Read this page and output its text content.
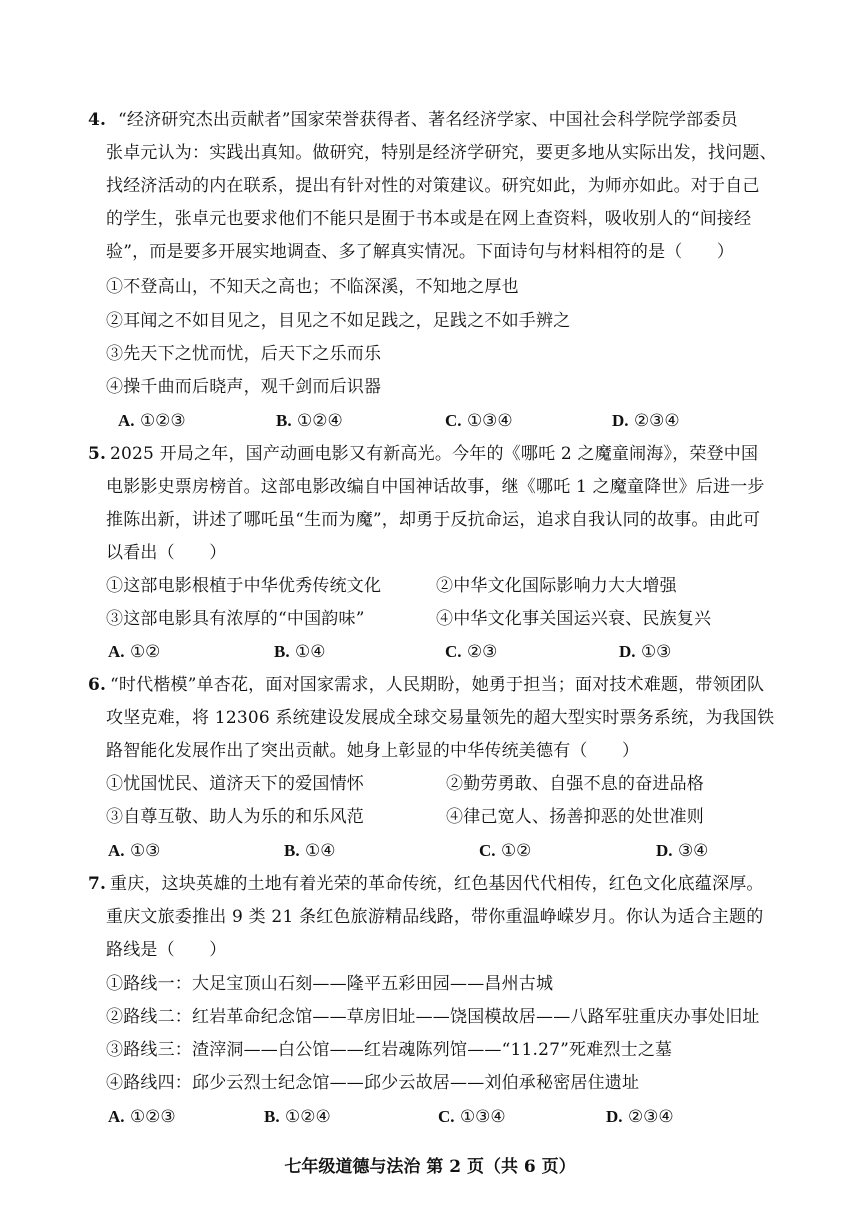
4. “经济研究杰出贡献者”国家荣誉获得者、著名经济学家、中国社会科学院学部委员
张卓元认为：实践出真知。做研究，特别是经济学研究，要更多地从实际出发，找问题、
找经济活动的内在联系，提出有针对性的对策建议。研究如此，为师亦如此。对于自己
的学生，张卓元也要求他们不能只是囿于书本或是在网上查资料，吸收别人的“间接经
验”，而是要多开展实地调查、多了解真实情况。下面诗句与材料相符的是（　　）
①不登高山，不知天之高也；不临深溪，不知地之厚也
②耳闻之不如目见之，目见之不如足践之，足践之不如手辨之
③先天下之忧而忧，后天下之乐而乐
④操千曲而后晓声，观千剑而后识器
A. ①②③	B. ①②④	C. ①③④	D. ②③④
5. 2025 开局之年，国产动画电影又有新高光。今年的《哪吒 2 之魔童闹海》，荣登中国
电影影史票房榜首。这部电影改编自中国神话故事，继《哪吒 1 之魔童降世》后进一步
推陈出新，讲述了哪吒虽“生而为魔”，却勇于反抗命运，追求自我认同的故事。由此可
以看出（　　）
①这部电影根植于中华优秀传统文化	②中华文化国际影响力大大增强
③这部电影具有浓厚的“中国韵味”	④中华文化事关国运兴衰、民族复兴
A. ①②	B. ①④	C. ②③	D. ①③
6. “时代楷模”单杏花，面对国家需求，人民期盼，她勇于担当；面对技术难题，带领团队
攻坚克难，将 12306 系统建设发展成全球交易量领先的超大型实时票务系统，为我国铁
路智能化发展作出了突出贡献。她身上彰显的中华传统美德有（　　）
①忧国忧民、道济天下的爱国情怀	②勤劳勇敢、自强不息的奋进品格
③自尊互敬、助人为乐的和乐风范	④律己宽人、扬善抑恶的处世准则
A. ①③	B. ①④	C. ①②	D. ③④
7. 重庆，这块英雄的土地有着光荣的革命传统，红色基因代代相传，红色文化底蕴深厚。
重庆文旅委推出 9 类 21 条红色旅游精品线路，带你重温峥嵘岁月。你认为适合主题的
路线是（　　）
①路线一：大足宝顶山石刻——隆平五彩田园——昌州古城
②路线二：红岩革命纪念馆——草房旧址——饶国模故居——八路军驻重庆办事处旧址
③路线三：渣滓洞——白公馆——红岩魂陈列馆——“11.27”死难烈士之墓
④路线四：邱少云烈士纪念馆——邱少云故居——刘伯承秘密居住遗址
A. ①②③	B. ①②④	C. ①③④	D. ②③④
七年级道德与法治 第 2 页（共 6 页）
